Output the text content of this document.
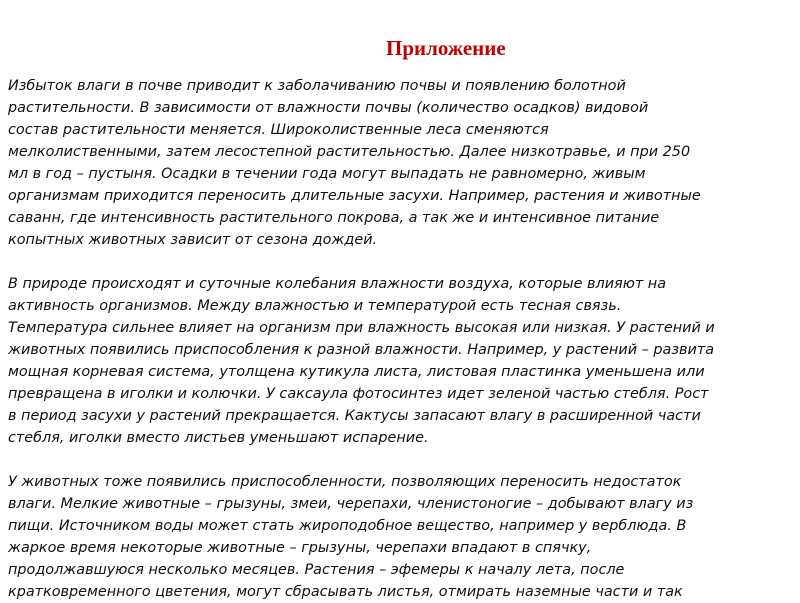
Приложение
Избыток влаги в почве приводит к заболачиванию почвы и появлению болотной
растительности. В зависимости от влажности почвы (количество осадков) видовой
состав растительности меняется. Широколиственные леса сменяются
мелколиственными, затем лесостепной растительностью. Далее низкотравье, и при 250
мл в год – пустыня. Осадки в течении года могут выпадать не равномерно, живым
организмам приходится переносить длительные засухи. Например, растения и животные
саванн, где интенсивность растительного покрова, а так же и интенсивное питание
копытных животных зависит от сезона дождей.
В природе происходят и суточные колебания влажности воздуха, которые влияют на
активность организмов. Между влажностью и температурой есть тесная связь.
Температура сильнее влияет на организм при влажность высокая или низкая. У растений и
животных появились приспособления к разной влажности. Например, у растений – развита
мощная корневая система, утолщена кутикула листа, листовая пластинка уменьшена или
превращена в иголки и колючки. У саксаула фотосинтез идет зеленой частью стебля. Рост
в период засухи у растений прекращается. Кактусы запасают влагу в расширенной части
стебля, иголки вместо листьев уменьшают испарение.
У животных тоже появились приспособленности, позволяющих переносить недостаток
влаги. Мелкие животные – грызуны, змеи, черепахи, членистоногие – добывают влагу из
пищи. Источником воды может стать жироподобное вещество, например у верблюда. В
жаркое время некоторые животные – грызуны, черепахи впадают в спячку,
продолжавшуюся несколько месяцев. Растения – эфемеры к началу лета, после
кратковременного цветения, могут сбрасывать листья, отмирать наземные части и так
